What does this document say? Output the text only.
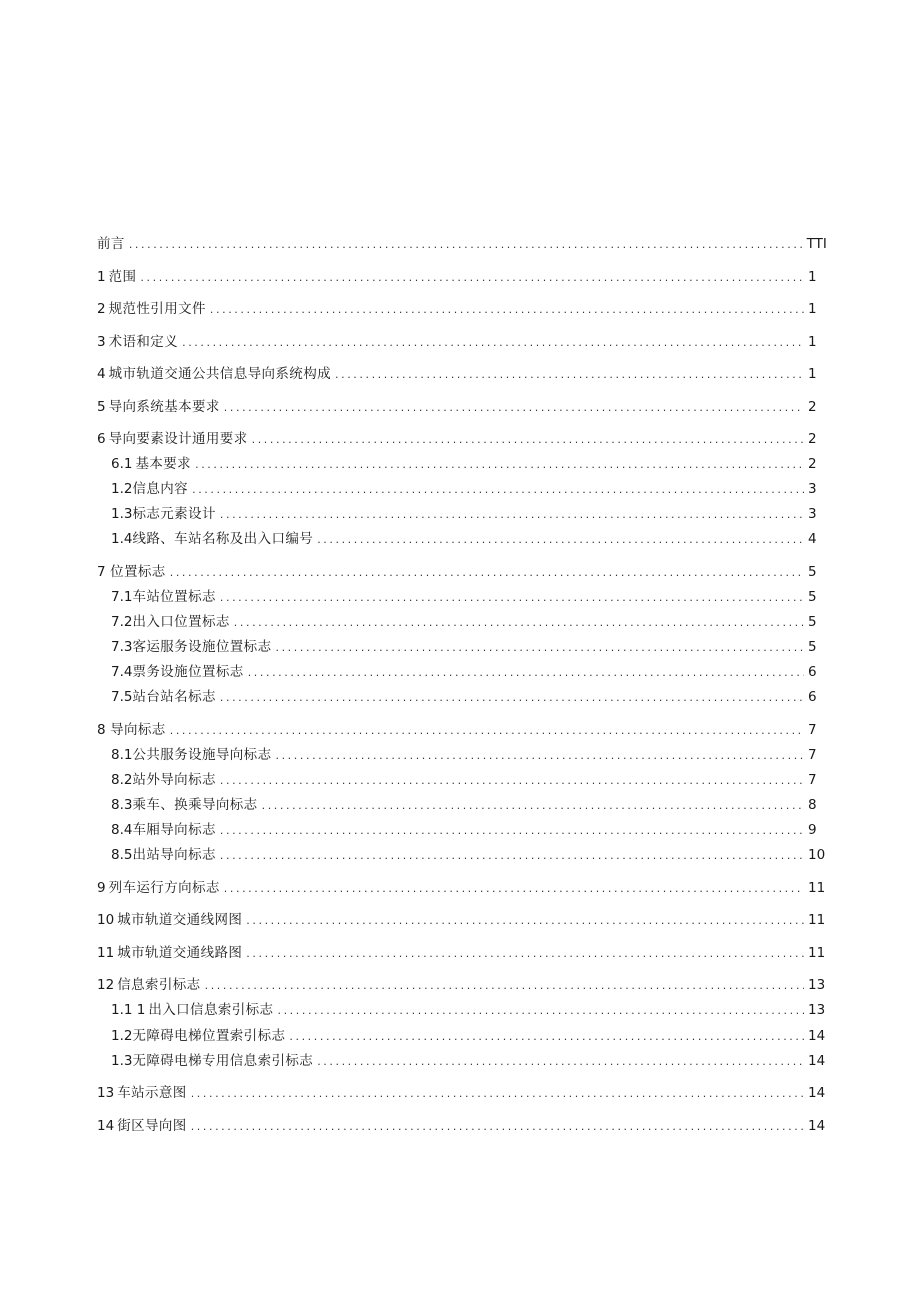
前言 .....	TTI
1 范围 .....	1
2 规范性引用文件 .....	1
3 术语和定义 .....	1
4 城市轨道交通公共信息导向系统构成 .....	1
5 导向系统基本要求 .....	2
6 导向要素设计通用要求 .....	2
6.1 基本要求 .....	2
1.2 信息内容 .....	3
1.3 标志元素设计 .....	3
1.4 线路、车站名称及出入口编号 .....	4
7 位置标志 .....	5
7.1 车站位置标志 .....	5
7.2 出入口位置标志 .....	5
7.3 客运服务设施位置标志 .....	5
7.4 票务设施位置标志 .....	6
7.5 站台站名标志 .....	6
8 导向标志 .....	7
8.1 公共服务设施导向标志 .....	7
8.2 站外导向标志 .....	7
8.3 乘车、换乘导向标志 .....	8
8.4 车厢导向标志 .....	9
8.5 出站导向标志 .....	10
9 列车运行方向标志 .....	11
10 城市轨道交通线网图 .....	11
11 城市轨道交通线路图 .....	11
12 信息索引标志 .....	13
1.1 1 出入口信息索引标志 .....	13
1.2 无障碍电梯位置索引标志 .....	14
1.3 无障碍电梯专用信息索引标志 .....	14
13 车站示意图 .....	14
14 街区导向图 .....	14
